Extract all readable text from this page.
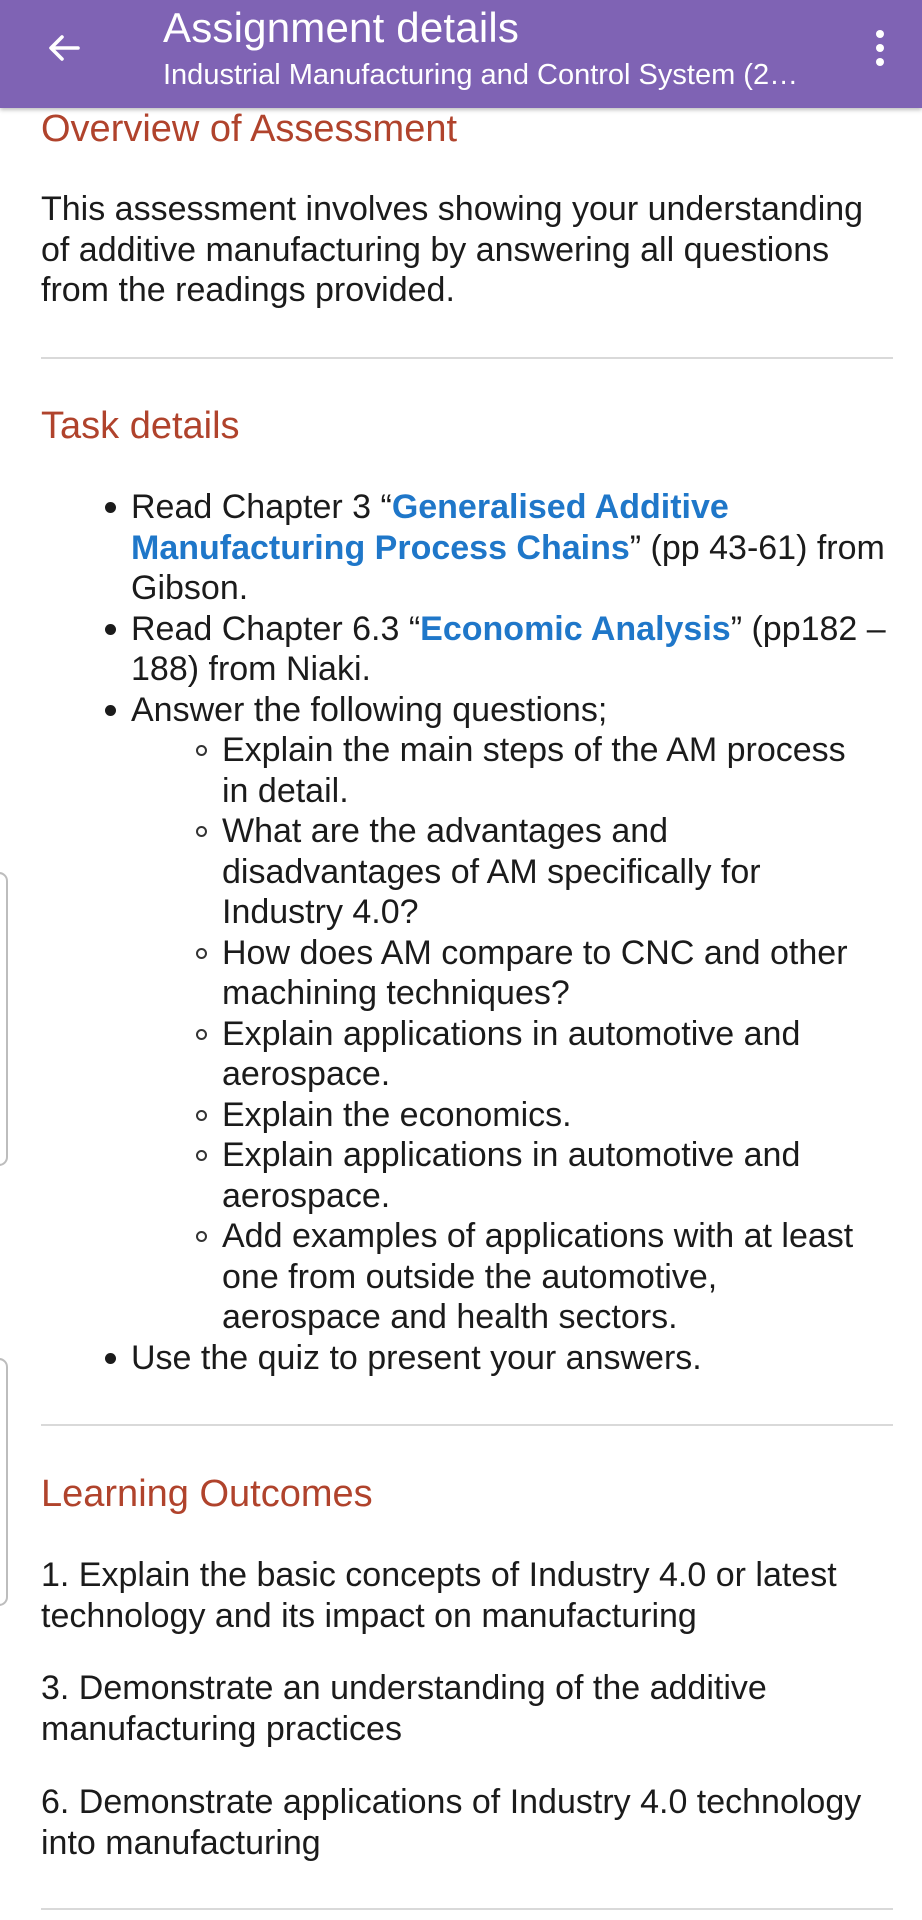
Overview of Assessment
This assessment involves showing your understanding
of additive manufacturing by answering all questions
from the readings provided.
Task details
Read Chapter 3 “Generalised Additive
Manufacturing Process Chains” (pp 43-61) from
Gibson.
Read Chapter 6.3 “Economic Analysis” (pp182 –
188) from Niaki.
Answer the following questions;
Explain the main steps of the AM process
in detail.
What are the advantages and
disadvantages of AM specifically for
Industry 4.0?
How does AM compare to CNC and other
machining techniques?
Explain applications in automotive and
aerospace.
Explain the economics.
Explain applications in automotive and
aerospace.
Add examples of applications with at least
one from outside the automotive,
aerospace and health sectors.
Use the quiz to present your answers.
Learning Outcomes
1. Explain the basic concepts of Industry 4.0 or latest
technology and its impact on manufacturing
3. Demonstrate an understanding of the additive
manufacturing practices
6. Demonstrate applications of Industry 4.0 technology
into manufacturing
Assignment details
Industrial Manufacturing and Control System (2…
